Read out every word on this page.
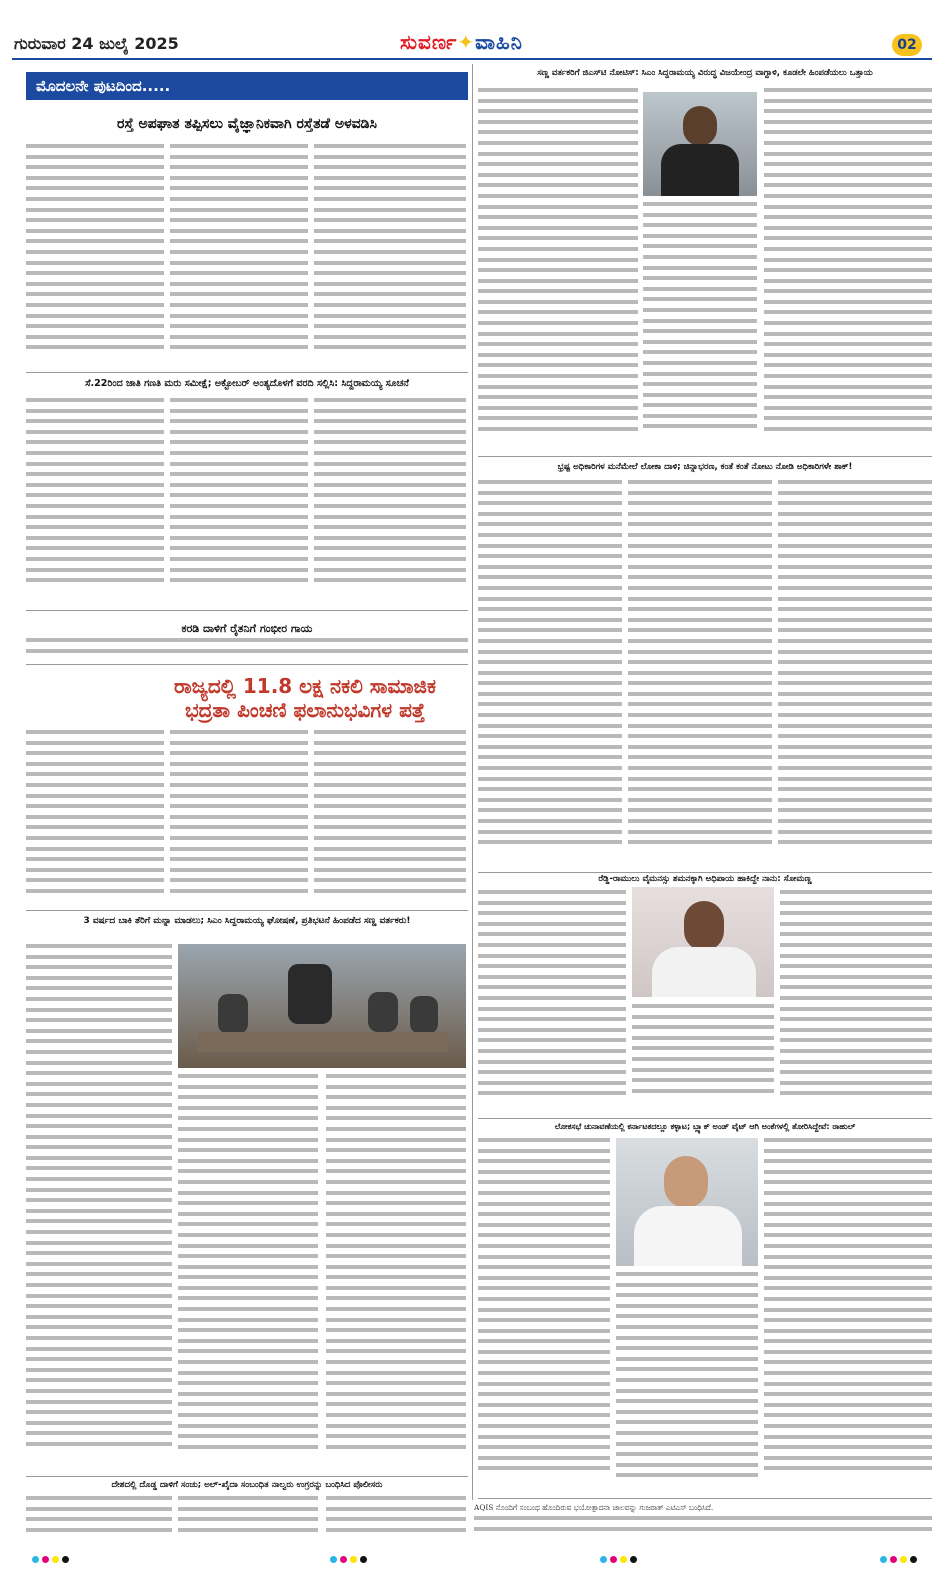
ಗುರುವಾರ 24 ಜುಲೈ 2025	ಸುವರ್ಣ✦ವಾಹಿನಿ	02
ಮೊದಲನೇ ಪುಟದಿಂದ.....
ರಸ್ತೆ ಅಪಘಾತ ತಪ್ಪಿಸಲು ವೈಜ್ಞಾನಿಕವಾಗಿ ರಸ್ತೆತಡೆ ಅಳವಡಿಸಿ
ಸೆ.22ರಿಂದ ಜಾತಿ ಗಣತಿ ಮರು ಸಮೀಕ್ಷೆ; ಅಕ್ಟೋಬರ್ ಅಂತ್ಯದೊಳಗೆ ವರದಿ ಸಲ್ಲಿಸಿ: ಸಿದ್ದರಾಮಯ್ಯ ಸೂಚನೆ
ಕರಡಿ ದಾಳಿಗೆ ರೈತನಿಗೆ ಗಂಭೀರ ಗಾಯ
ರಾಜ್ಯದಲ್ಲಿ 11.8 ಲಕ್ಷ ನಕಲಿ ಸಾಮಾಜಿಕ
ಭದ್ರತಾ ಪಿಂಚಣಿ ಫಲಾನುಭವಿಗಳ ಪತ್ತೆ
3 ವರ್ಷದ ಬಾಕಿ ತೆರಿಗೆ ಮನ್ನಾ ಮಾಡಲು; ಸಿಎಂ ಸಿದ್ದರಾಮಯ್ಯ ಘೋಷಣೆ, ಪ್ರತಿಭಟನೆ ಹಿಂಪಡೆದ ಸಣ್ಣ ವರ್ತಕರು!
ದೇಶದಲ್ಲಿ ದೊಡ್ಡ ದಾಳಿಗೆ ಸಂಚು; ಅಲ್-ಖೈದಾ ಸಂಬಂಧಿತ ನಾಲ್ವರು ಉಗ್ರರನ್ನು ಬಂಧಿಸಿದ ಪೊಲೀಸರು
ಸಣ್ಣ ವರ್ತಕರಿಗೆ ಜಿಎಸ್‌ಟಿ ನೋಟಿಸ್: ಸಿಎಂ ಸಿದ್ದರಾಮಯ್ಯ ವಿರುದ್ಧ ವಿಜಯೇಂದ್ರ ವಾಗ್ದಾಳಿ, ಕೂಡಲೇ ಹಿಂಪಡೆಯಲು ಒತ್ತಾಯ
ಭ್ರಷ್ಟ ಅಧಿಕಾರಿಗಳ ಮನೆಮೇಲೆ ಲೋಕಾ ದಾಳಿ; ಚಿನ್ನಾಭರಣ, ಕಂತೆ ಕಂತೆ ನೋಟು ನೋಡಿ ಅಧಿಕಾರಿಗಳೇ ಶಾಕ್!
ರೆಡ್ಡಿ-ರಾಮುಲು ವೈಮನಸ್ಸು ಶಮನಕ್ಕಾಗಿ ಅಧಿಪಾಯ ಹಾಕಿದ್ದೇ ನಾನು: ಸೋಮಣ್ಣ
ಲೋಕಸಭೆ ಚುನಾವಣೆಯಲ್ಲಿ ಕರ್ನಾಟಕದಲ್ಲೂ ಕಳ್ಳಾಟ; ಬ್ಲ್ಯಾಕ್ ಅಂಡ್ ವೈಟ್ ಆಗಿ ಅಂಕೆಗಳಲ್ಲಿ ತೋರಿಸಿದ್ದೇವೆ: ರಾಹುಲ್
AQIS ನೊಂದಿಗೆ ಸಂಬಂಧ ಹೊಂದಿರುವ ಭಯೋತ್ಪಾದನಾ ಜಾಲವನ್ನು ಗುಜರಾತ್ ಎಟಿಎಸ್ ಬಂಧಿಸಿದೆ.
